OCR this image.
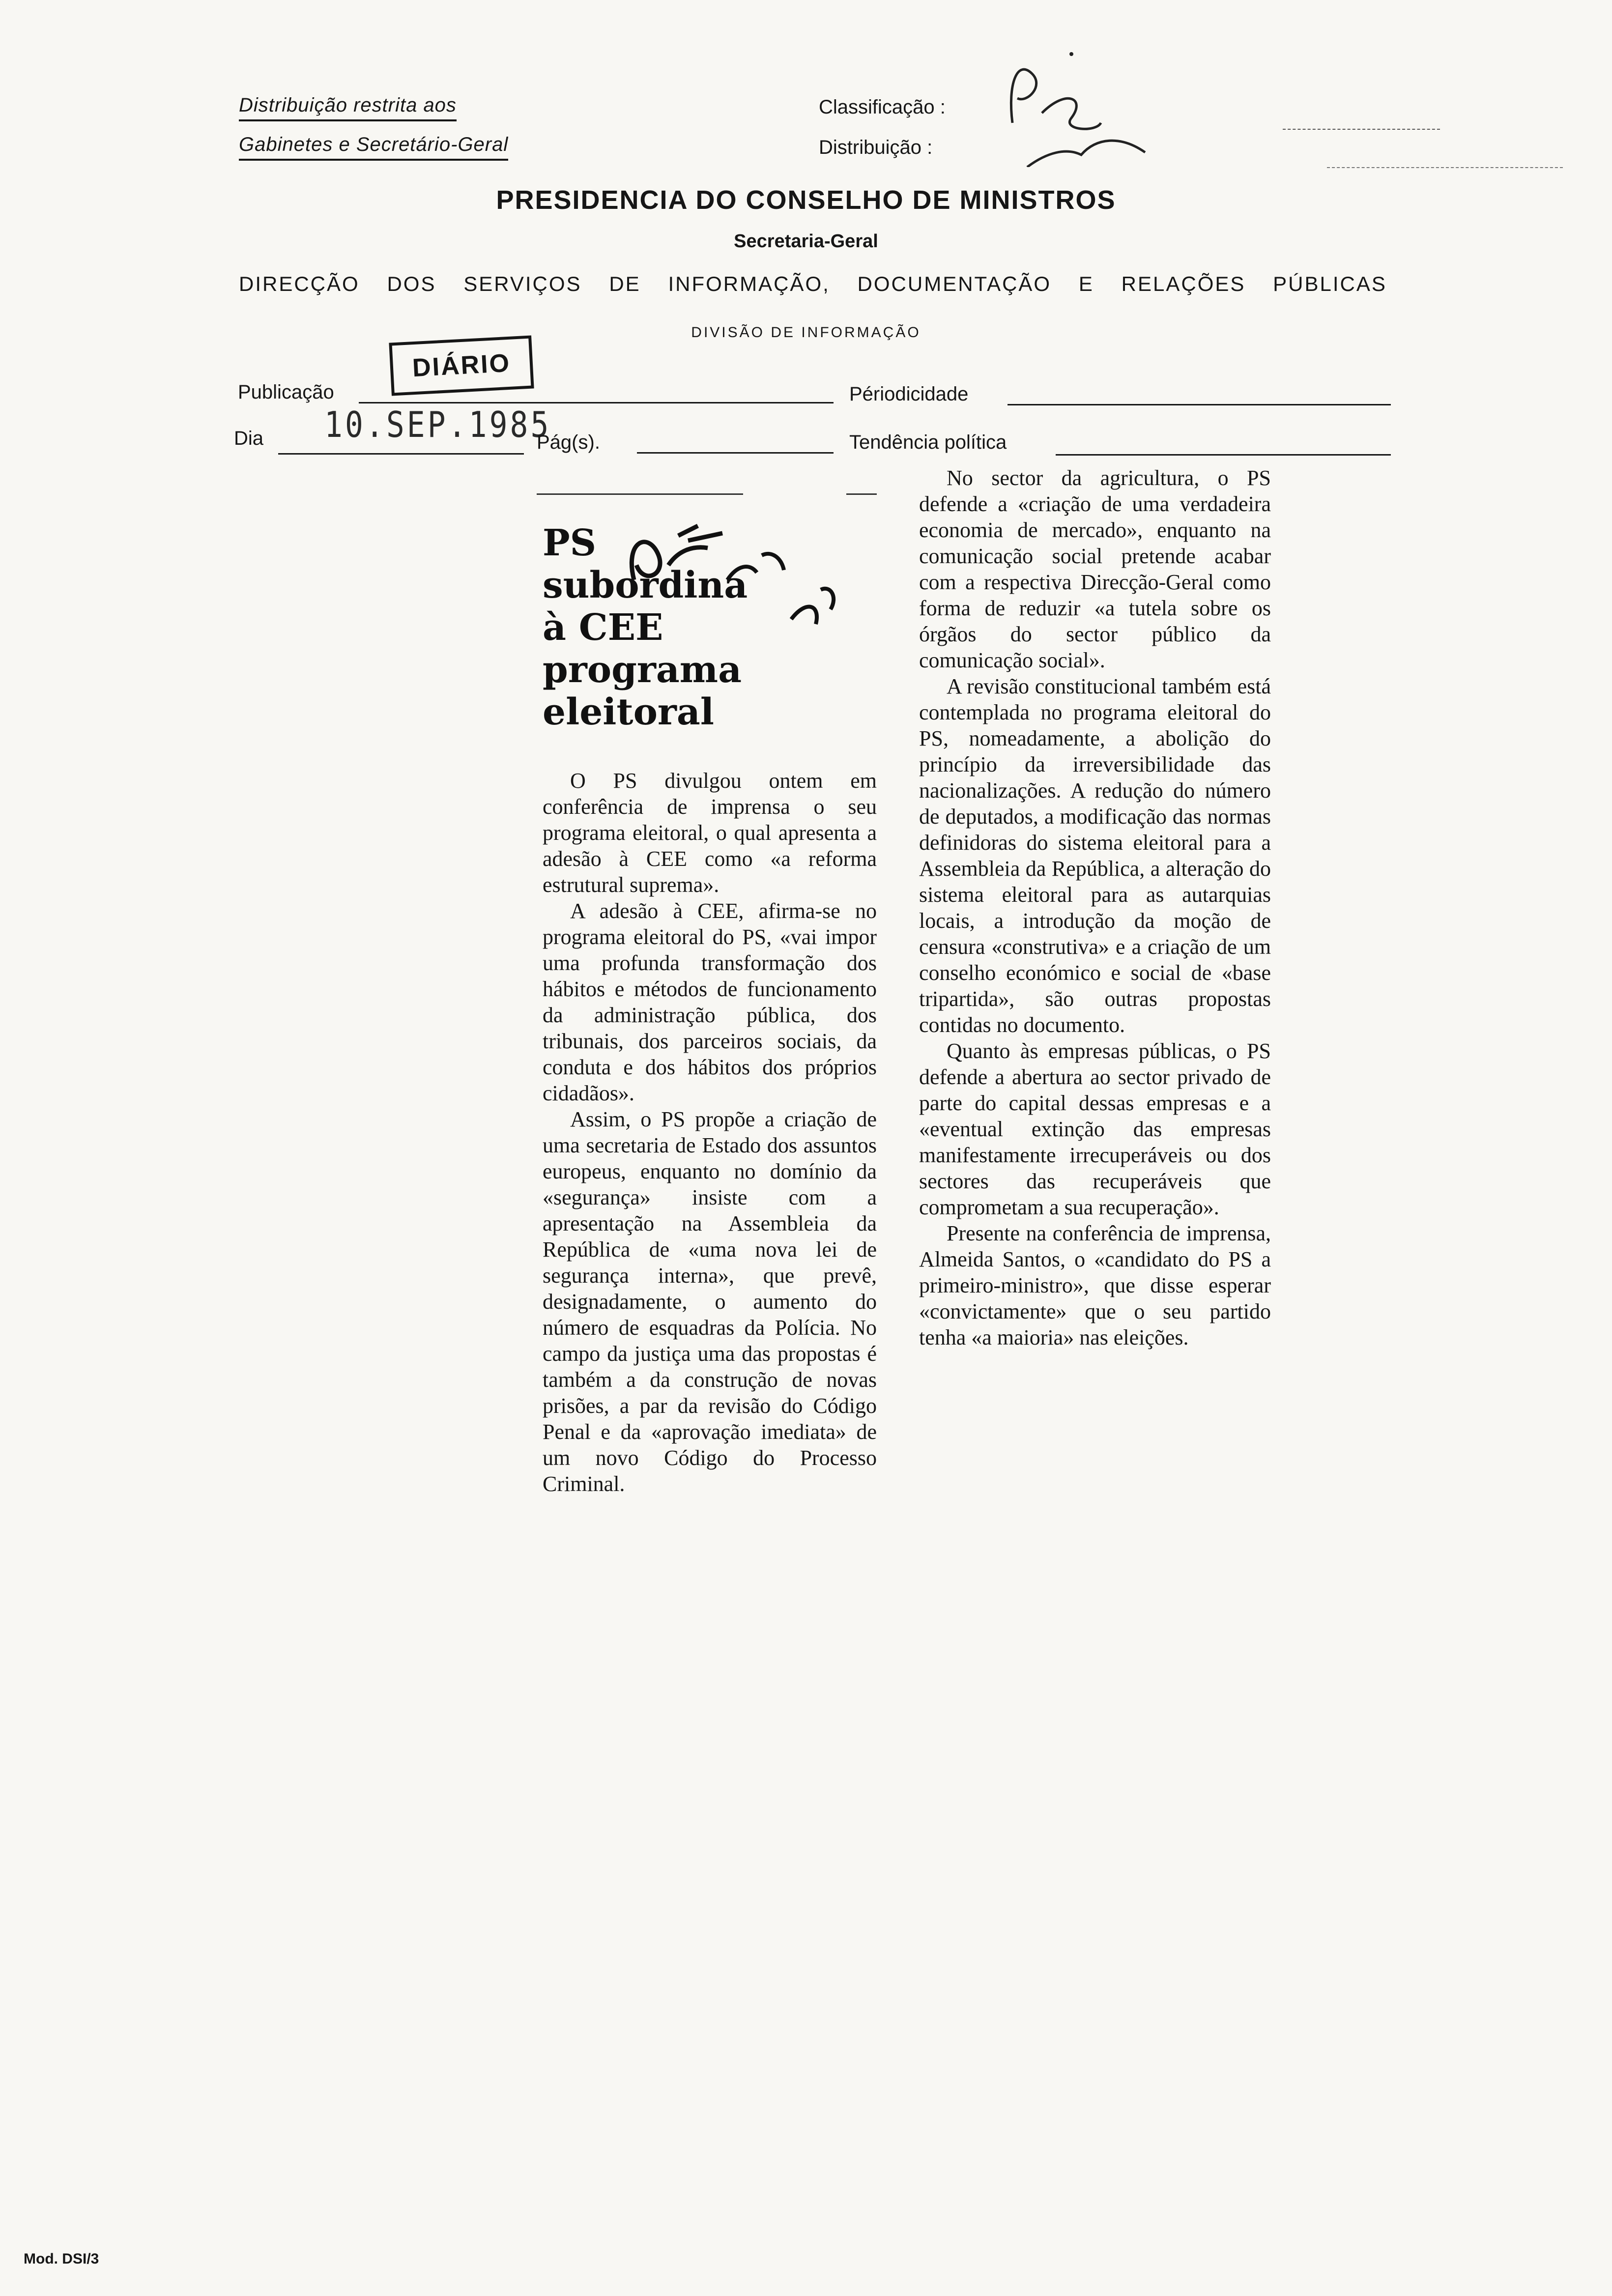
Distribuição restrita aos
Gabinetes e Secretário-Geral
Classificação :
Distribuição :
PRESIDENCIA DO CONSELHO DE MINISTROS
Secretaria-Geral
DIRECÇÃO DOS SERVIÇOS DE INFORMAÇÃO, DOCUMENTAÇÃO E RELAÇÕES PÚBLICAS
DIVISÃO DE INFORMAÇÃO
DIÁRIO
Publicação	Périodicidade
Dia 10.SEP.1985
Pág(s).	Tendência política
PS
subordina
à CEE
programa
eleitoral

O PS divulgou ontem em conferência de imprensa o seu programa eleitoral, o qual apresenta a adesão à CEE como «a reforma estrutural suprema».

A adesão à CEE, afirma-se no programa eleitoral do PS, «vai impor uma profunda transformação dos hábitos e métodos de funcionamento da administração pública, dos tribunais, dos parceiros sociais, da conduta e dos hábitos dos próprios cidadãos».

Assim, o PS propõe a criação de uma secretaria de Estado dos assuntos europeus, enquanto no domínio da «segurança» insiste com a apresentação na Assembleia da República de «uma nova lei de segurança interna», que prevê, designadamente, o aumento do número de esquadras da Polícia. No campo da justiça uma das propostas é também a da construção de novas prisões, a par da revisão do Código Penal e da «aprovação imediata» de um novo Código do Processo Criminal.

No sector da agricultura, o PS defende a «criação de uma verdadeira economia de mercado», enquanto na comunicação social pretende acabar com a respectiva Direcção-Geral como forma de reduzir «a tutela sobre os órgãos do sector público da comunicação social».

A revisão constitucional também está contemplada no programa eleitoral do PS, nomeadamente, a abolição do princípio da irreversibilidade das nacionalizações. A redução do número de deputados, a modificação das normas definidoras do sistema eleitoral para a Assembleia da República, a alteração do sistema eleitoral para as autarquias locais, a introdução da moção de censura «construtiva» e a criação de um conselho económico e social de «base tripartida», são outras propostas contidas no documento.

Quanto às empresas públicas, o PS defende a abertura ao sector privado de parte do capital dessas empresas e a «eventual extinção das empresas manifestamente irrecuperáveis ou dos sectores das recuperáveis que comprometam a sua recuperação».

Presente na conferência de imprensa, Almeida Santos, o «candidato do PS a primeiro-ministro», que disse esperar «convictamente» que o seu partido tenha «a maioria» nas eleições.

Mod. DSI/3
